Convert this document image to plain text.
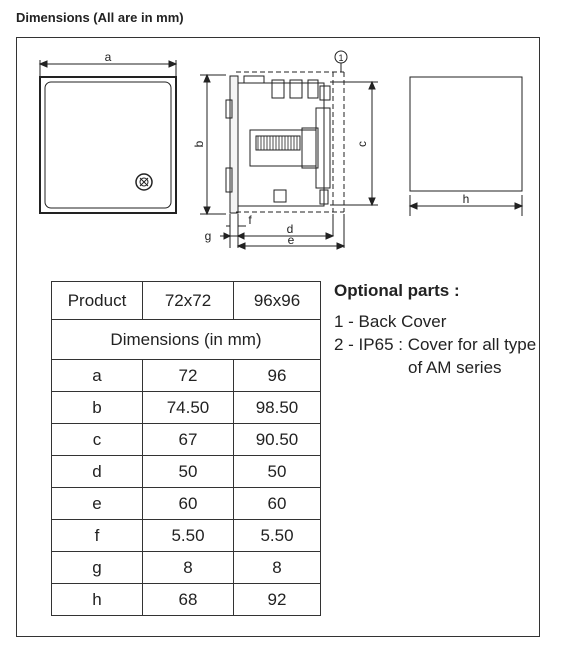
Dimensions (All are in mm)
a
b	c
1
f
g	d
e
h
Product	72x72	96x96
Dimensions (in mm)		
a	72	96
b	74.50	98.50
c	67	90.50
d	50	50
e	60	60
f	5.50	5.50
g	8	8
h	68	92
Optional parts :
1 - Back Cover
2 - IP65 : Cover for all type
of AM series
